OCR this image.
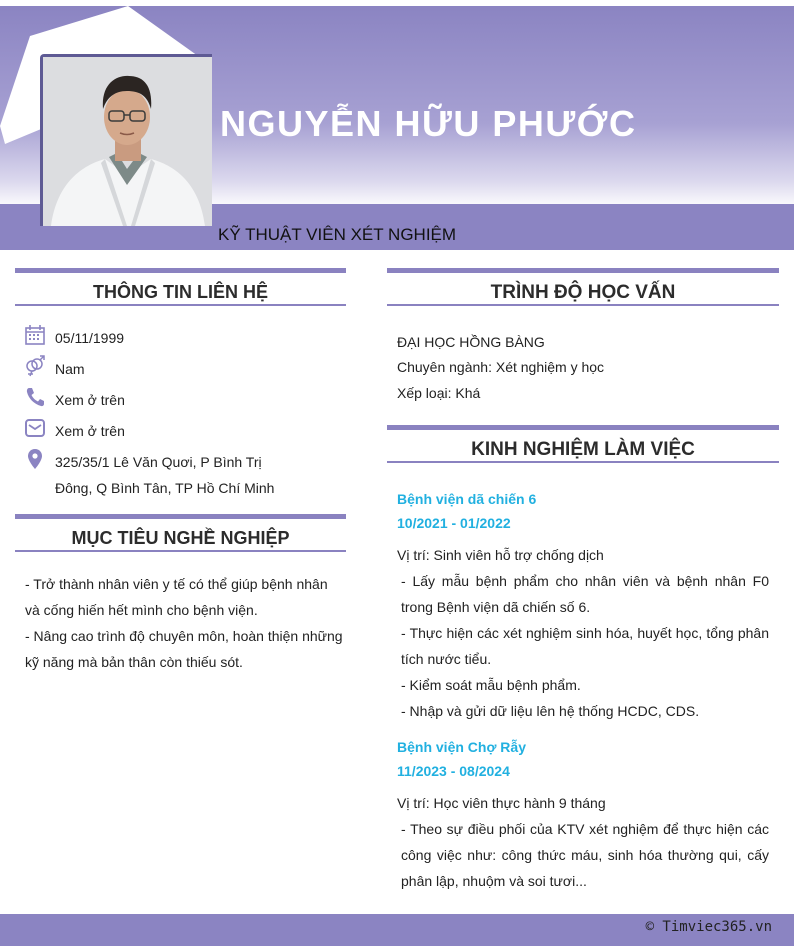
NGUYỄN HỮU PHƯỚC
KỸ THUẬT VIÊN XÉT NGHIỆM
THÔNG TIN LIÊN HỆ
05/11/1999
Nam
Xem ở trên
Xem ở trên
325/35/1 Lê Văn Quơi, P Bình Trị
Đông, Q Bình Tân, TP Hồ Chí Minh
MỤC TIÊU NGHỀ NGHIỆP
- Trở thành nhân viên y tế có thể giúp bệnh nhân và cống hiến hết mình cho bệnh viện.
- Nâng cao trình độ chuyên môn, hoàn thiện những kỹ năng mà bản thân còn thiếu sót.
TRÌNH ĐỘ HỌC VẤN
ĐẠI HỌC HỒNG BÀNG
Chuyên ngành: Xét nghiệm y học
Xếp loại: Khá
KINH NGHIỆM LÀM VIỆC
Bệnh viện dã chiến 6
10/2021 - 01/2022
Vị trí: Sinh viên hỗ trợ chống dịch
- Lấy mẫu bệnh phẩm cho nhân viên và bệnh nhân F0 trong Bệnh viện dã chiến số 6.
- Thực hiện các xét nghiệm sinh hóa, huyết học, tổng phân tích nước tiểu.
- Kiểm soát mẫu bệnh phẩm.
- Nhập và gửi dữ liệu lên hệ thống HCDC, CDS.
Bệnh viện Chợ Rẫy
11/2023 - 08/2024
Vị trí: Học viên thực hành 9 tháng
- Theo sự điều phối của KTV xét nghiệm để thực hiện các công việc như: công thức máu, sinh hóa thường qui, cấy phân lập, nhuộm và soi tươi...
© Timviec365.vn
